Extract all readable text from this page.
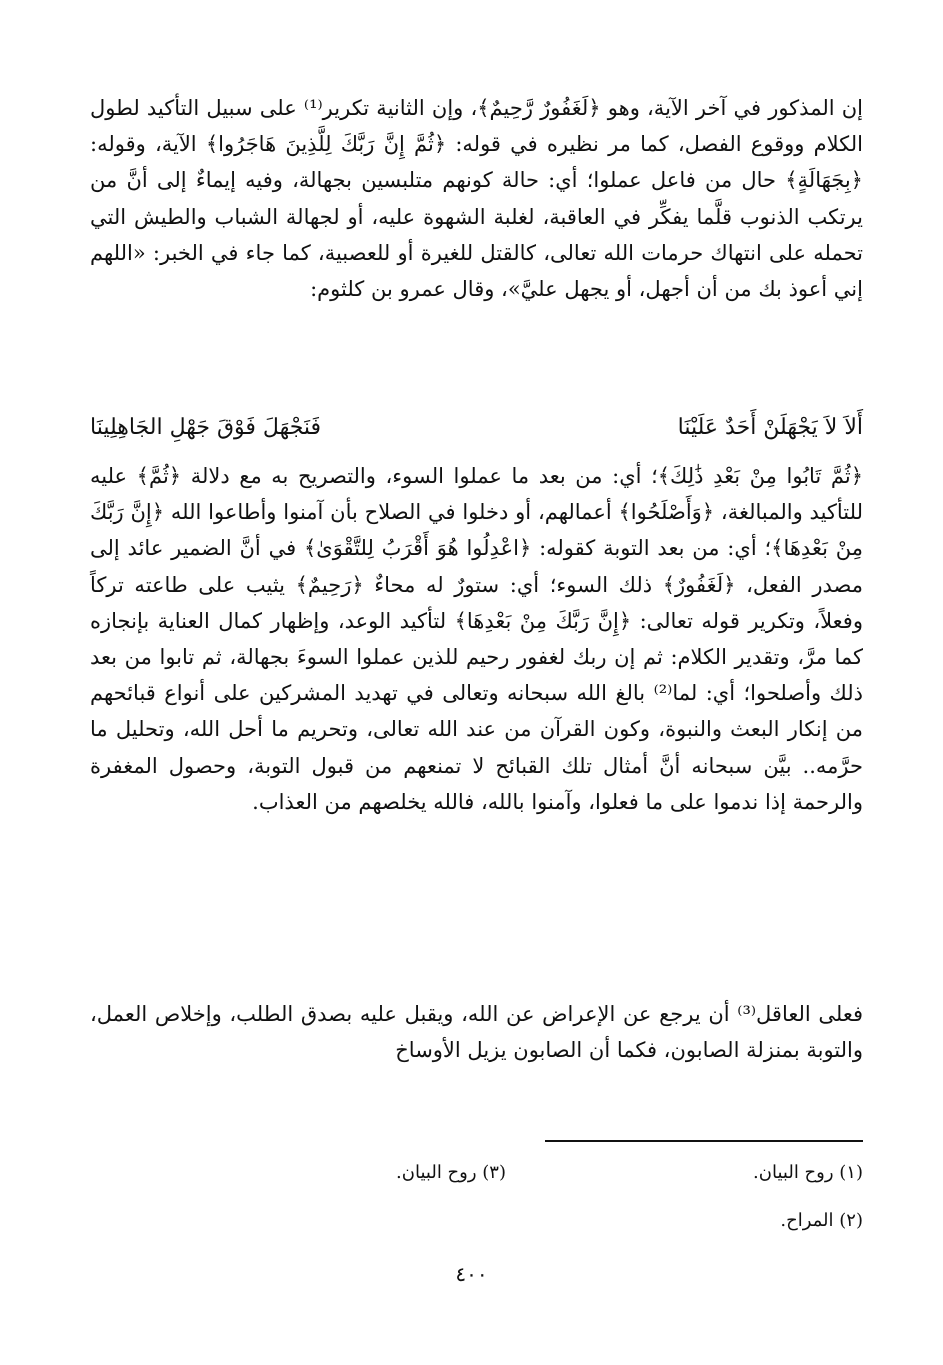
إن المذكور في آخر الآية، وهو ﴿لَغَفُورٌ رَّحِيمٌ﴾، وإن الثانية تكرير⁽¹⁾ على سبيل التأكيد لطول الكلام ووقوع الفصل، كما مر نظيره في قوله: ﴿ثُمَّ إِنَّ رَبَّكَ لِلَّذِينَ هَاجَرُوا﴾ الآية، وقوله: ﴿بِجَهَالَةٍ﴾ حال من فاعل عملوا؛ أي: حالة كونهم متلبسين بجهالة، وفيه إيماءٌ إلى أنَّ من يرتكب الذنوب قلَّما يفكِّر في العاقبة، لغلبة الشهوة عليه، أو لجهالة الشباب والطيش التي تحمله على انتهاك حرمات الله تعالى، كالقتل للغيرة أو للعصبية، كما جاء في الخبر: «اللهم إني أعوذ بك من أن أجهل، أو يجهل عليَّ»، وقال عمرو بن كلثوم:

أَلاَ لاَ يَجْهَلَنْ أَحَدٌ عَلَيْنَا
فَنَجْهَلَ فَوْقَ جَهْلِ الجَاهِلِينَا

﴿ثُمَّ تَابُوا مِنْ بَعْدِ ذَٰلِكَ﴾؛ أي: من بعد ما عملوا السوء، والتصريح به مع دلالة ﴿ثُمَّ﴾ عليه للتأكيد والمبالغة، ﴿وَأَصْلَحُوا﴾ أعمالهم، أو دخلوا في الصلاح بأن آمنوا وأطاعوا الله ﴿إِنَّ رَبَّكَ مِنْ بَعْدِهَا﴾؛ أي: من بعد التوبة كقوله: ﴿اعْدِلُوا هُوَ أَقْرَبُ لِلتَّقْوَىٰ﴾ في أنَّ الضمير عائد إلى مصدر الفعل، ﴿لَغَفُورٌ﴾ ذلك السوء؛ أي: ستورٌ له محاءٌ ﴿رَحِيمٌ﴾ يثيب على طاعته تركاً وفعلاً، وتكرير قوله تعالى: ﴿إِنَّ رَبَّكَ مِنْ بَعْدِهَا﴾ لتأكيد الوعد، وإظهار كمال العناية بإنجازه كما مرَّ، وتقدير الكلام: ثم إن ربك لغفور رحيم للذين عملوا السوءَ بجهالة، ثم تابوا من بعد ذلك وأصلحوا؛ أي: لما⁽²⁾ بالغ الله سبحانه وتعالى في تهديد المشركين على أنواع قبائحهم من إنكار البعث والنبوة، وكون القرآن من عند الله تعالى، وتحريم ما أحل الله، وتحليل ما حرَّمه.. بيَّن سبحانه أنَّ أمثال تلك القبائح لا تمنعهم من قبول التوبة، وحصول المغفرة والرحمة إذا ندموا على ما فعلوا، وآمنوا بالله، فالله يخلصهم من العذاب.

فعلى العاقل⁽³⁾ أن يرجع عن الإعراض عن الله، ويقبل عليه بصدق الطلب، وإخلاص العمل، والتوبة بمنزلة الصابون، فكما أن الصابون يزيل الأوساخ

(١) روح البيان.
(٣) روح البيان.
(٢) المراح.
٤٠٠
